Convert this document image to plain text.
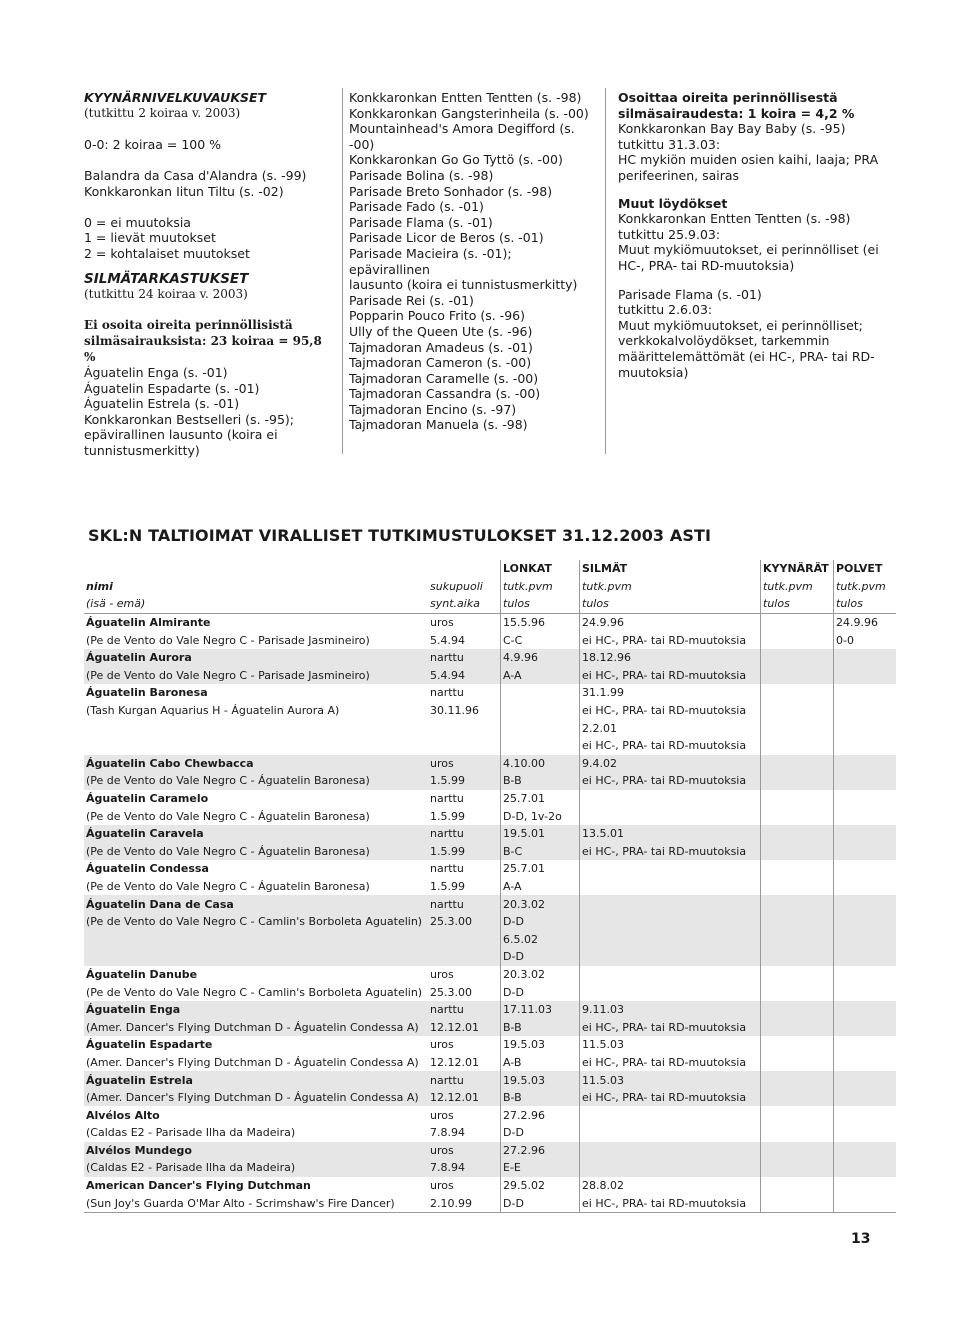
KYYNÄRNIVELKUVAUKSET
(tutkittu 2 koiraa v. 2003)
0-0: 2 koiraa = 100 %
Balandra da Casa d'Alandra (s. -99)
Konkkaronkan Iitun Tiltu (s. -02)
0 = ei muutoksia
1 = lievät muutokset
2 = kohtalaiset muutokset
SILMÄTARKASTUKSET
(tutkittu 24 koiraa v. 2003)
Ei osoita oireita perinnöllisistä
silmäsairauksista: 23 koiraa = 95,8 %
Águatelin Enga (s. -01)
Águatelin Espadarte (s. -01)
Águatelin Estrela (s. -01)
Konkkaronkan Bestselleri (s. -95);
epävirallinen lausunto (koira ei
tunnistusmerkitty)
Konkkaronkan Entten Tentten (s. -98)
Konkkaronkan Gangsterinheila (s. -00)
Mountainhead's Amora Degifford (s. -00)
Konkkaronkan Go Go Tyttö (s. -00)
Parisade Bolina (s. -98)
Parisade Breto Sonhador (s. -98)
Parisade Fado (s. -01)
Parisade Flama (s. -01)
Parisade Licor de Beros (s. -01)
Parisade Macieira (s. -01); epävirallinen
lausunto (koira ei tunnistusmerkitty)
Parisade Rei (s. -01)
Popparin Pouco Frito (s. -96)
Ully of the Queen Ute (s. -96)
Tajmadoran Amadeus (s. -01)
Tajmadoran Cameron (s. -00)
Tajmadoran Caramelle (s. -00)
Tajmadoran Cassandra (s. -00)
Tajmadoran Encino (s. -97)
Tajmadoran Manuela (s. -98)
Osoittaa oireita perinnöllisestä
silmäsairaudesta: 1 koira = 4,2 %
Konkkaronkan Bay Bay Baby (s. -95)
tutkittu 31.3.03:
HC mykiön muiden osien kaihi, laaja; PRA
perifeerinen, sairas
Muut löydökset
Konkkaronkan Entten Tentten (s. -98)
tutkittu 25.9.03:
Muut mykiömuutokset, ei perinnölliset (ei
HC-, PRA- tai RD-muutoksia)
Parisade Flama (s. -01)
tutkittu 2.6.03:
Muut mykiömuutokset, ei perinnölliset;
verkkokalvolöydökset, tarkemmin
määrittelemättömät (ei HC-, PRA- tai RD-
muutoksia)
SKL:N TALTIOIMAT VIRALLISET TUTKIMUSTULOKSET 31.12.2003 ASTI
		LONKAT	SILMÄT	KYYNÄRÄT	POLVET
nimi	sukupuoli	tutk.pvm	tutk.pvm	tutk.pvm	tutk.pvm
(isä - emä)	synt.aika	tulos	tulos	tulos	tulos
Águatelin Almirante	uros	15.5.96	24.9.96		24.9.96
(Pe de Vento do Vale Negro C - Parisade Jasmineiro)	5.4.94	C-C	ei HC-, PRA- tai RD-muutoksia		0-0
Águatelin Aurora	narttu	4.9.96	18.12.96		
(Pe de Vento do Vale Negro C - Parisade Jasmineiro)	5.4.94	A-A	ei HC-, PRA- tai RD-muutoksia		
Águatelin Baronesa	narttu		31.1.99		
(Tash Kurgan Aquarius H - Águatelin Aurora A)	30.11.96		ei HC-, PRA- tai RD-muutoksia		
			2.2.01		
			ei HC-, PRA- tai RD-muutoksia		
Águatelin Cabo Chewbacca	uros	4.10.00	9.4.02		
(Pe de Vento do Vale Negro C - Águatelin Baronesa)	1.5.99	B-B	ei HC-, PRA- tai RD-muutoksia		
Águatelin Caramelo	narttu	25.7.01			
(Pe de Vento do Vale Negro C - Águatelin Baronesa)	1.5.99	D-D, 1v-2o			
Águatelin Caravela	narttu	19.5.01	13.5.01		
(Pe de Vento do Vale Negro C - Águatelin Baronesa)	1.5.99	B-C	ei HC-, PRA- tai RD-muutoksia		
Águatelin Condessa	narttu	25.7.01			
(Pe de Vento do Vale Negro C - Águatelin Baronesa)	1.5.99	A-A			
Águatelin Dana de Casa	narttu	20.3.02			
(Pe de Vento do Vale Negro C - Camlin's Borboleta Aguatelin)	25.3.00	D-D			
		6.5.02			
		D-D			
Águatelin Danube	uros	20.3.02			
(Pe de Vento do Vale Negro C - Camlin's Borboleta Aguatelin)	25.3.00	D-D			
Águatelin Enga	narttu	17.11.03	9.11.03		
(Amer. Dancer's Flying Dutchman D - Águatelin Condessa A)	12.12.01	B-B	ei HC-, PRA- tai RD-muutoksia		
Águatelin Espadarte	uros	19.5.03	11.5.03		
(Amer. Dancer's Flying Dutchman D - Águatelin Condessa A)	12.12.01	A-B	ei HC-, PRA- tai RD-muutoksia		
Águatelin Estrela	narttu	19.5.03	11.5.03		
(Amer. Dancer's Flying Dutchman D - Águatelin Condessa A)	12.12.01	B-B	ei HC-, PRA- tai RD-muutoksia		
Alvélos Alto	uros	27.2.96			
(Caldas E2 - Parisade Ilha da Madeira)	7.8.94	D-D			
Alvélos Mundego	uros	27.2.96			
(Caldas E2 - Parisade Ilha da Madeira)	7.8.94	E-E			
American Dancer's Flying Dutchman	uros	29.5.02	28.8.02		
(Sun Joy's Guarda O'Mar Alto - Scrimshaw's Fire Dancer)	2.10.99	D-D	ei HC-, PRA- tai RD-muutoksia		
13
